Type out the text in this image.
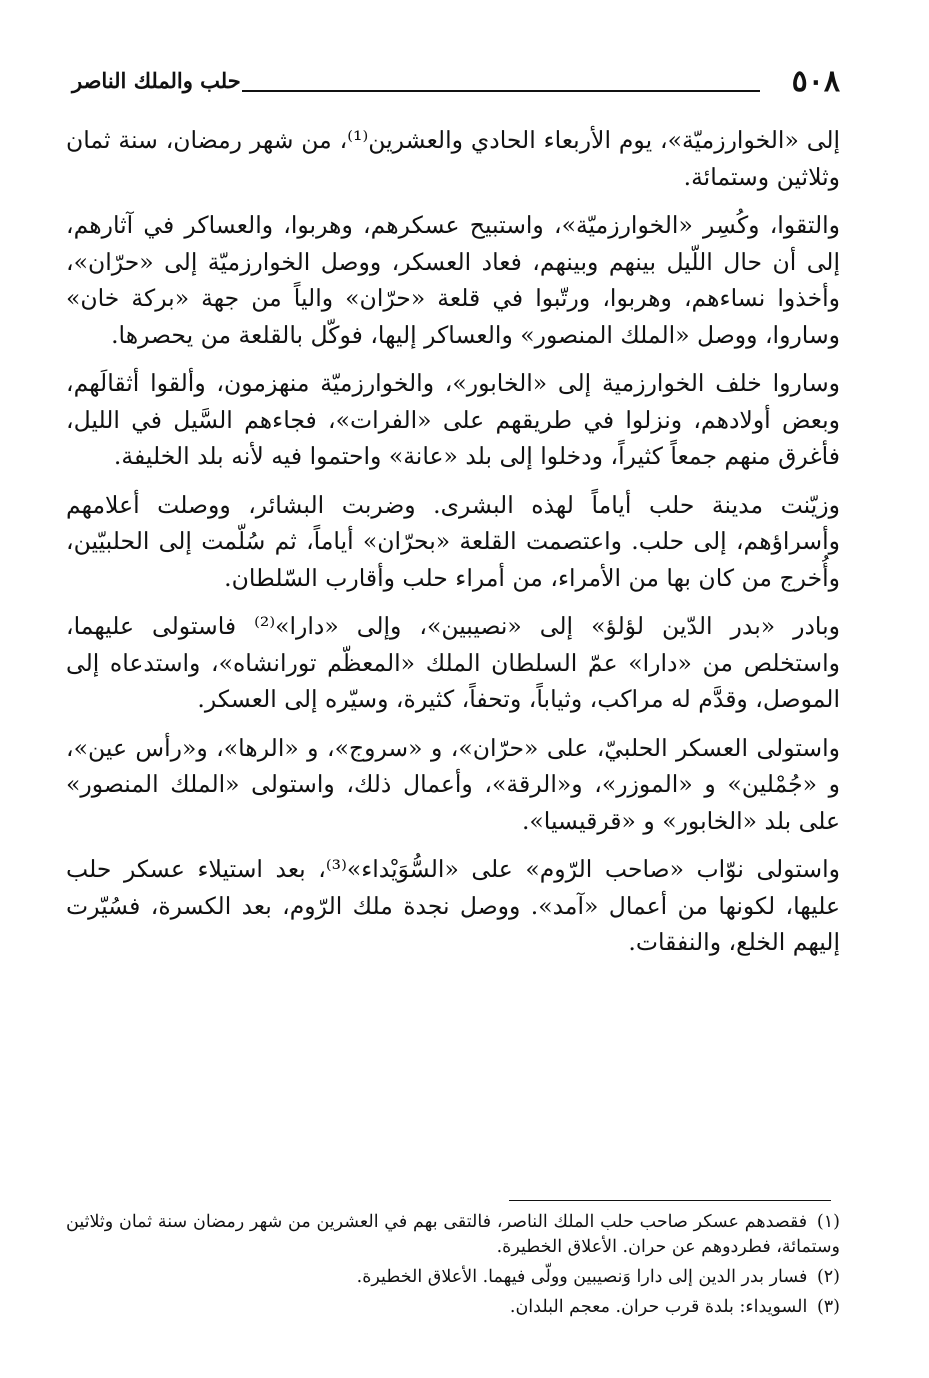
٥٠٨
حلب والملك الناصر

إلى «الخوارزميّة»، يوم الأربعاء الحادي والعشرين⁽¹⁾، من شهر رمضان، سنة ثمان وثلاثين وستمائة.

والتقوا، وكُسِر «الخوارزميّة»، واستبيح عسكرهم، وهربوا، والعساكر في آثارهم، إلى أن حال اللّيل بينهم وبينهم، فعاد العسكر، ووصل الخوارزميّة إلى «حرّان»، وأخذوا نساءهم، وهربوا، ورتّبوا في قلعة «حرّان» والياً من جهة «بركة خان» وساروا، ووصل «الملك المنصور» والعساكر إليها، فوكّل بالقلعة من يحصرها.

وساروا خلف الخوارزمية إلى «الخابور»، والخوارزميّة منهزمون، وألقوا أثقالَهم، وبعض أولادهم، ونزلوا في طريقهم على «الفرات»، فجاءهم السَّيل في الليل، فأغرق منهم جمعاً كثيراً، ودخلوا إلى بلد «عانة» واحتموا فيه لأنه بلد الخليفة.

وزيّنت مدينة حلب أياماً لهذه البشرى. وضربت البشائر، ووصلت أعلامهم وأسراؤهم، إلى حلب. واعتصمت القلعة «بحرّان» أياماً، ثم سُلّمت إلى الحلبيّين، وأُخرج من كان بها من الأمراء، من أمراء حلب وأقارب السّلطان.

وبادر «بدر الدّين لؤلؤ» إلى «نصيبين»، وإلى «دارا»⁽²⁾ فاستولى عليهما، واستخلص من «دارا» عمّ السلطان الملك «المعظّم تورانشاه»، واستدعاه إلى الموصل، وقدَّم له مراكب، وثياباً، وتحفاً، كثيرة، وسيّره إلى العسكر.

واستولى العسكر الحلبيّ، على «حرّان»، و «سروج»، و «الرها»، و«رأس عين»، و «جُمْلين» و «الموزر»، و«الرقة»، وأعمال ذلك، واستولى «الملك المنصور» على بلد «الخابور» و «قرقيسيا».

واستولى نوّاب «صاحب الرّوم» على «السُّوَيْداء»⁽³⁾، بعد استيلاء عسكر حلب عليها، لكونها من أعمال «آمد». ووصل نجدة ملك الرّوم، بعد الكسرة، فسُيّرت إليهم الخلع، والنفقات.

(١) فقصدهم عسكر صاحب حلب الملك الناصر، فالتقى بهم في العشرين من شهر رمضان سنة ثمان وثلاثين وستمائة، فطردوهم عن حران. الأعلاق الخطيرة.

(٢) فسار بدر الدين إلى دارا وَنصيبين وولّى فيهما. الأعلاق الخطيرة.

(٣) السويداء: بلدة قرب حران. معجم البلدان.
